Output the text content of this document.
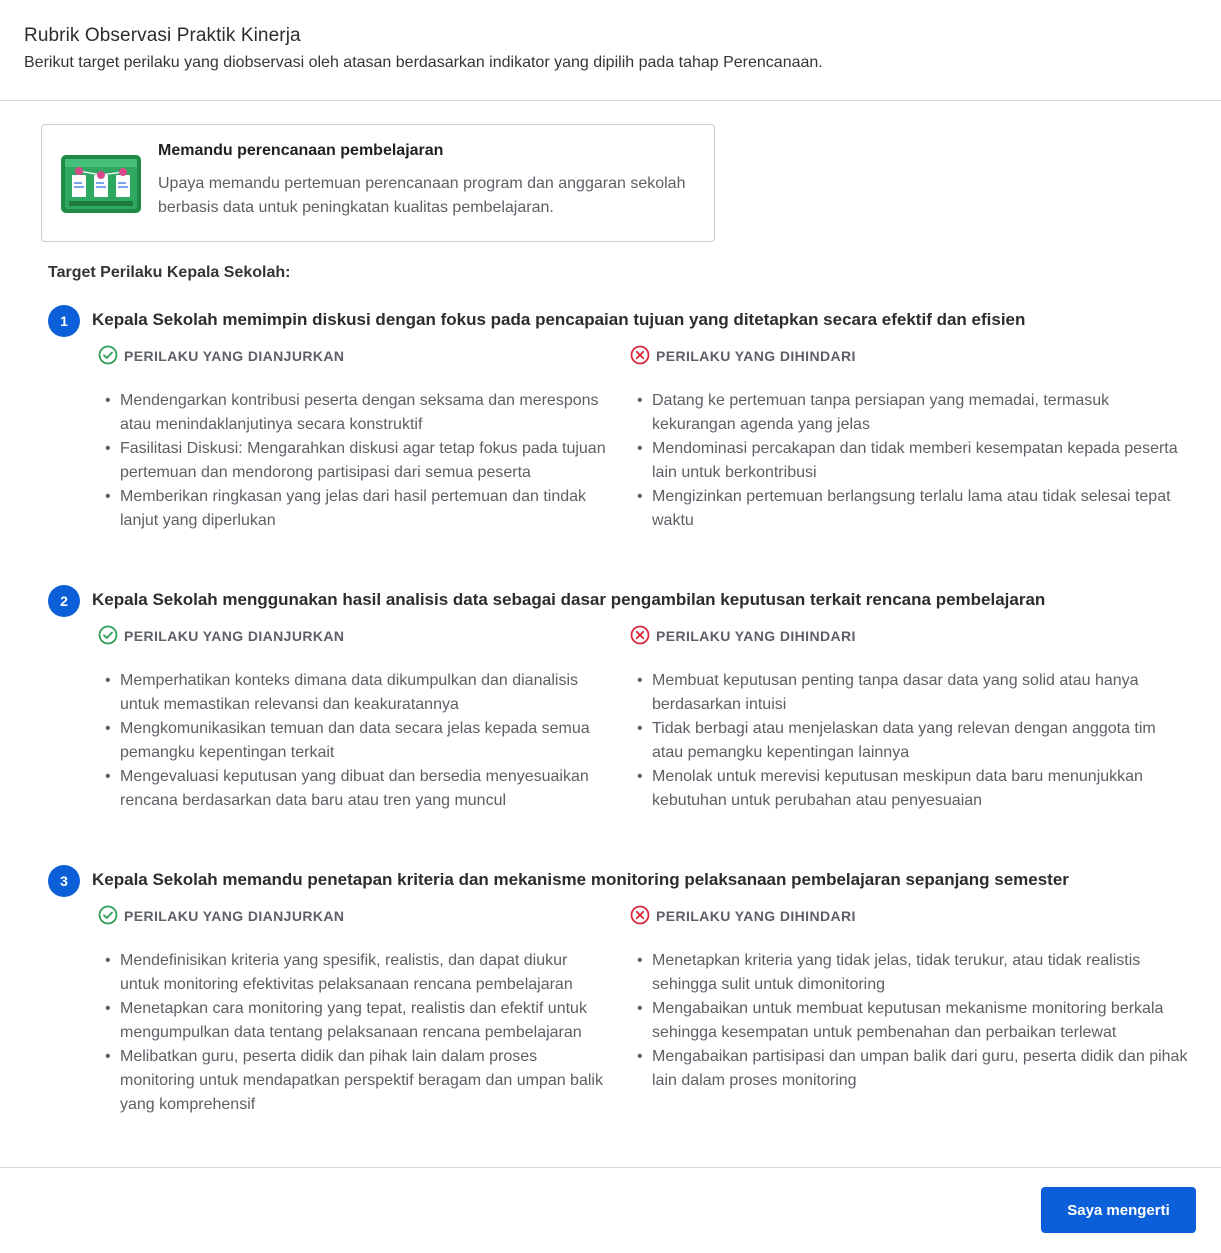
Rubrik Observasi Praktik Kinerja

Berikut target perilaku yang diobservasi oleh atasan berdasarkan indikator yang dipilih pada tahap Perencanaan.

Memandu perencanaan pembelajaran
Upaya memandu pertemuan perencanaan program dan anggaran sekolah berbasis data untuk peningkatan kualitas pembelajaran.
Target Perilaku Kepala Sekolah:
1	Kepala Sekolah memimpin diskusi dengan fokus pada pencapaian tujuan yang ditetapkan secara efektif dan efisien
PERILAKU YANG DIANJURKAN
• Mendengarkan kontribusi peserta dengan seksama dan merespons atau menindaklanjutinya secara konstruktif
• Fasilitasi Diskusi: Mengarahkan diskusi agar tetap fokus pada tujuan pertemuan dan mendorong partisipasi dari semua peserta
• Memberikan ringkasan yang jelas dari hasil pertemuan dan tindak lanjut yang diperlukan
PERILAKU YANG DIHINDARI
• Datang ke pertemuan tanpa persiapan yang memadai, termasuk kekurangan agenda yang jelas
• Mendominasi percakapan dan tidak memberi kesempatan kepada peserta lain untuk berkontribusi
• Mengizinkan pertemuan berlangsung terlalu lama atau tidak selesai tepat waktu
2	Kepala Sekolah menggunakan hasil analisis data sebagai dasar pengambilan keputusan terkait rencana pembelajaran
PERILAKU YANG DIANJURKAN
• Memperhatikan konteks dimana data dikumpulkan dan dianalisis untuk memastikan relevansi dan keakuratannya
• Mengkomunikasikan temuan dan data secara jelas kepada semua pemangku kepentingan terkait
• Mengevaluasi keputusan yang dibuat dan bersedia menyesuaikan rencana berdasarkan data baru atau tren yang muncul
PERILAKU YANG DIHINDARI
• Membuat keputusan penting tanpa dasar data yang solid atau hanya berdasarkan intuisi
• Tidak berbagi atau menjelaskan data yang relevan dengan anggota tim atau pemangku kepentingan lainnya
• Menolak untuk merevisi keputusan meskipun data baru menunjukkan kebutuhan untuk perubahan atau penyesuaian
3	Kepala Sekolah memandu penetapan kriteria dan mekanisme monitoring pelaksanaan pembelajaran sepanjang semester
PERILAKU YANG DIANJURKAN
• Mendefinisikan kriteria yang spesifik, realistis, dan dapat diukur untuk monitoring efektivitas pelaksanaan rencana pembelajaran
• Menetapkan cara monitoring yang tepat, realistis dan efektif untuk mengumpulkan data tentang pelaksanaan rencana pembelajaran
• Melibatkan guru, peserta didik dan pihak lain dalam proses monitoring untuk mendapatkan perspektif beragam dan umpan balik yang komprehensif
PERILAKU YANG DIHINDARI
• Menetapkan kriteria yang tidak jelas, tidak terukur, atau tidak realistis sehingga sulit untuk dimonitoring
• Mengabaikan untuk membuat keputusan mekanisme monitoring berkala sehingga kesempatan untuk pembenahan dan perbaikan terlewat
• Mengabaikan partisipasi dan umpan balik dari guru, peserta didik dan pihak lain dalam proses monitoring
Saya mengerti
